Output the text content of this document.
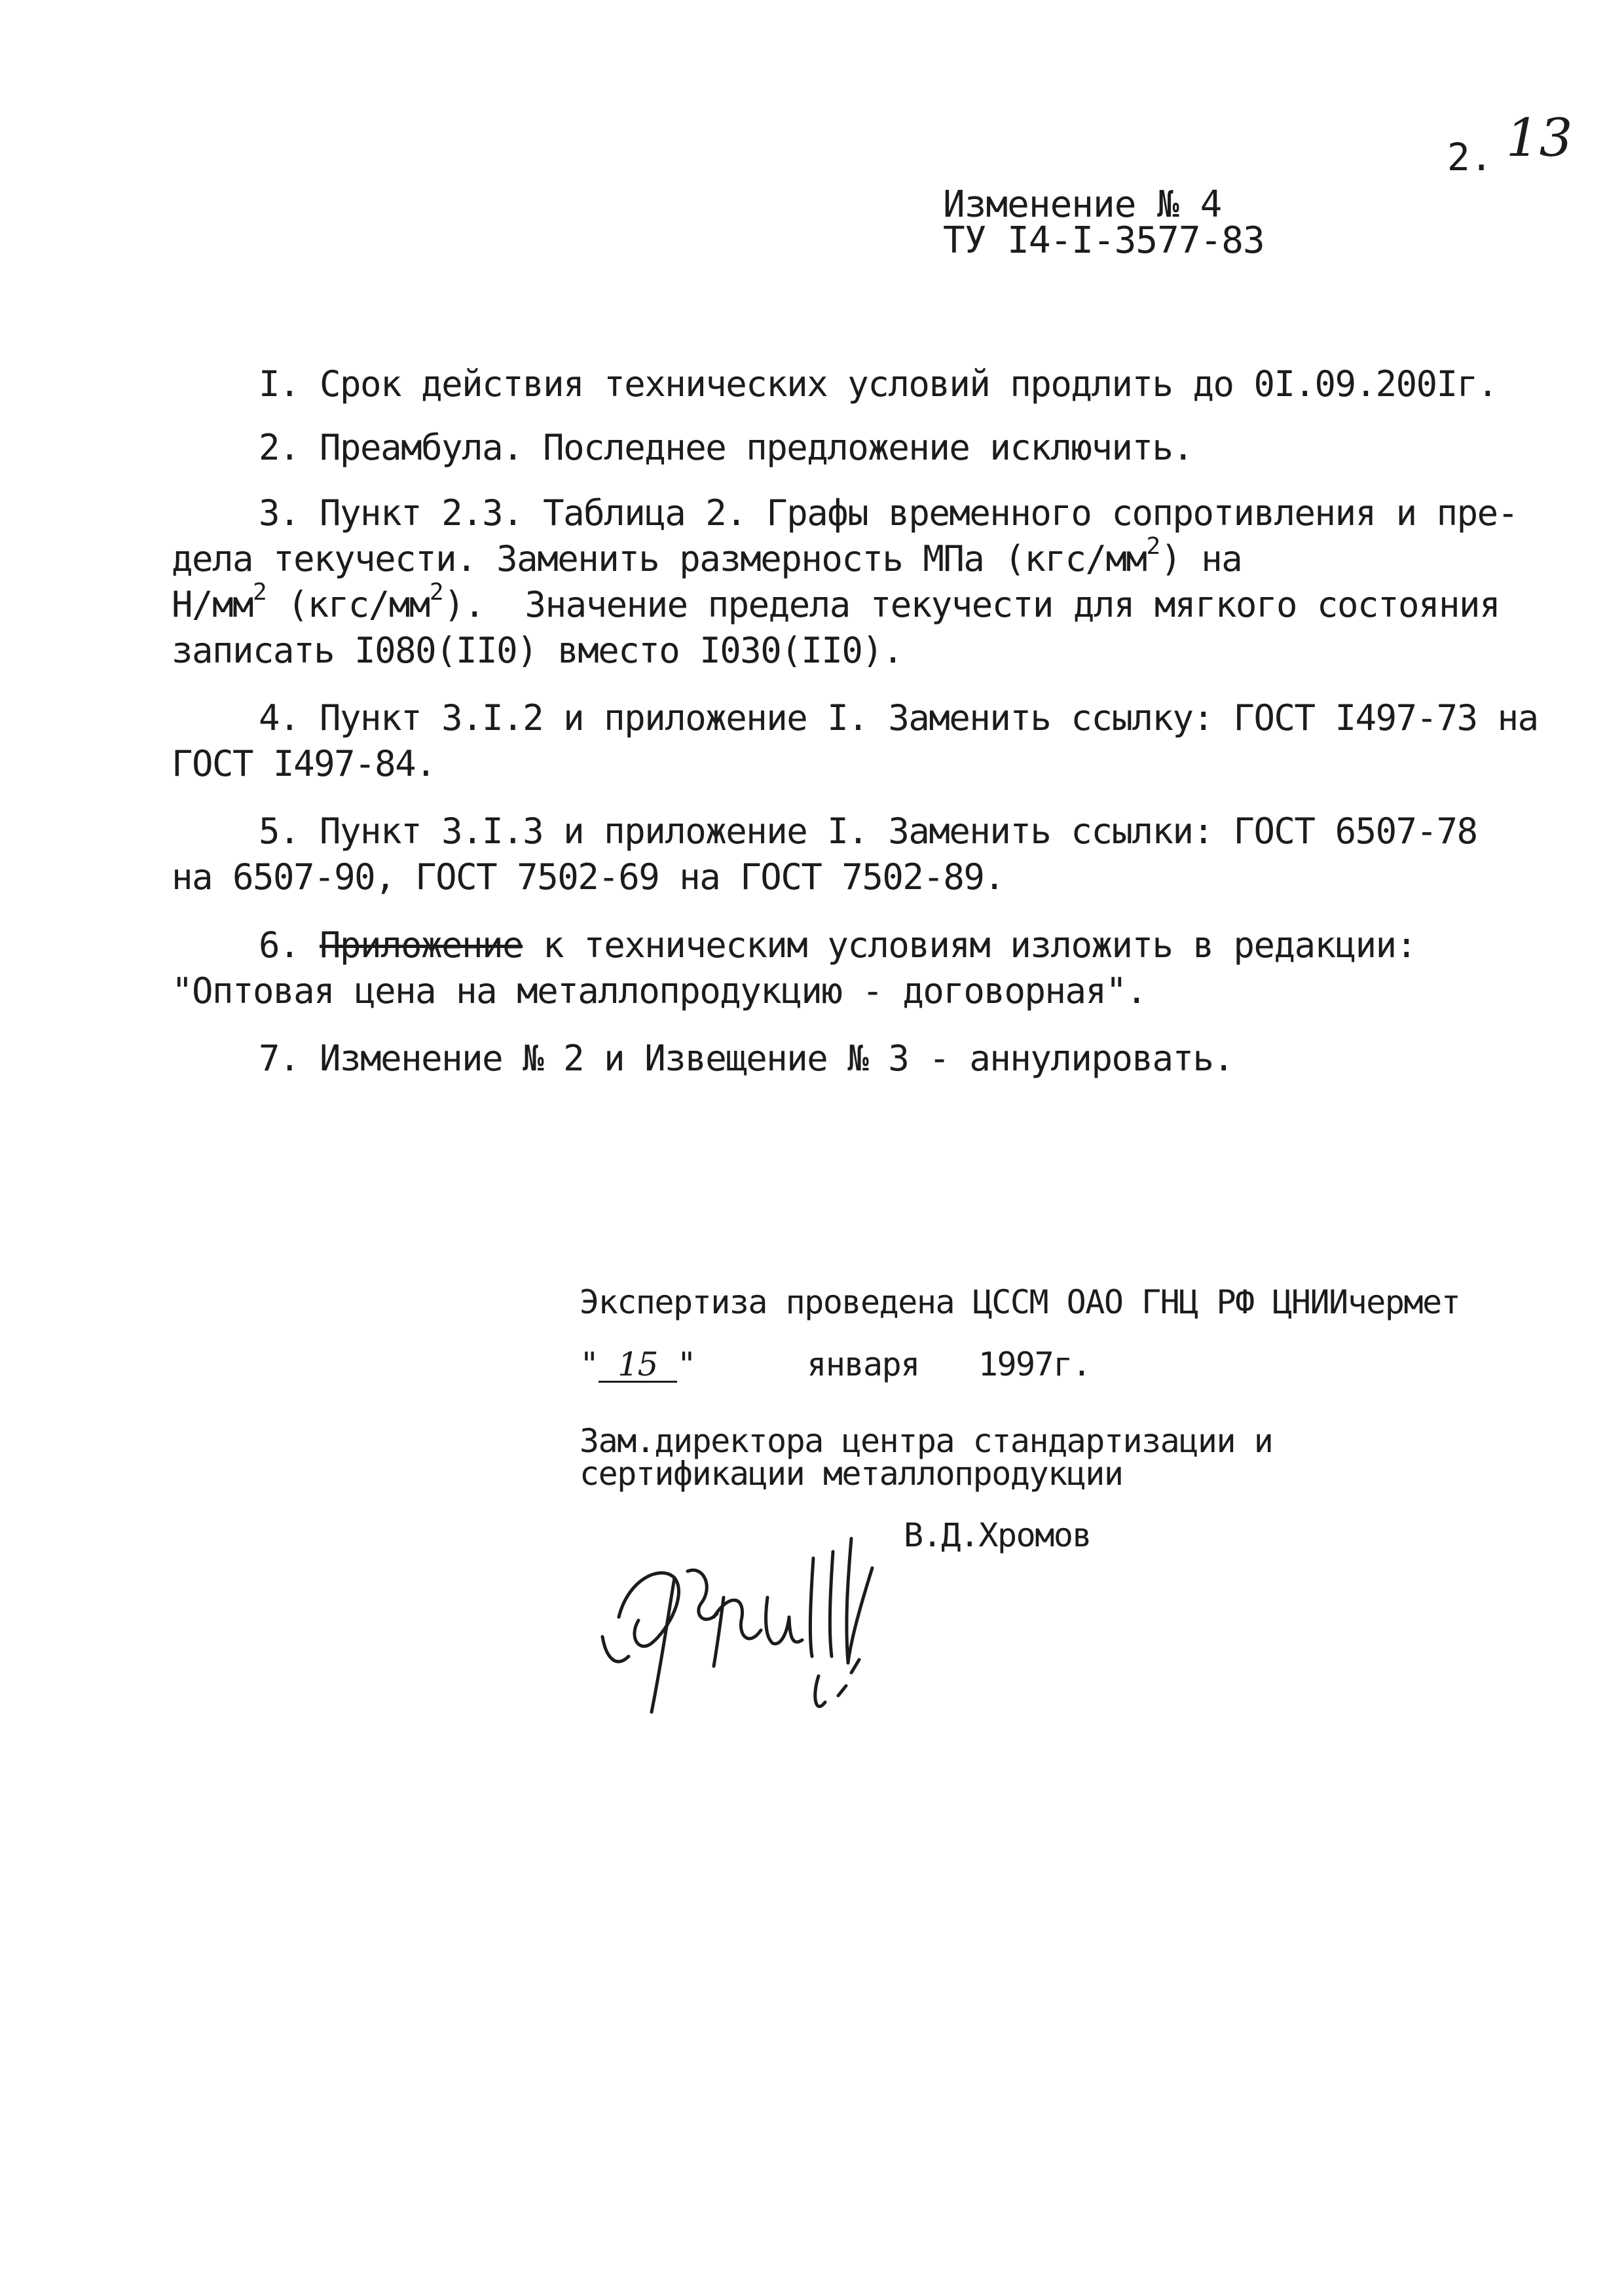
2. 13

Изменение № 4
ТУ I4-I-3577-83
I. Срок действия технических условий продлить до 0I.09.200Iг.
2. Преамбула. Последнее предложение исключить.
3. Пункт 2.3. Таблица 2. Графы временного сопротивления и пре-
дела текучести. Заменить размерность МПа $(кгс/мм^2)$ на
$Н/мм^2$ $(кгс/мм^2)$.  Значение предела текучести для мягкого состояния
записать I080(II0) вместо I030(II0).
4. Пункт 3.I.2 и приложение I. Заменить ссылку: ГОСТ I497-73 на
ГОСТ I497-84.
5. Пункт 3.I.3 и приложение I. Заменить ссылки: ГОСТ 6507-78
на 6507-90, ГОСТ 7502-69 на ГОСТ 7502-89.
6. Приложение к техническим условиям изложить в редакции:
"Оптовая цена на металлопродукцию - договорная".
7. Изменение № 2 и Извещение № 3 - аннулировать.
Экспертиза проведена ЦССМ ОАО ГНЦ РФ ЦНИИчермет
" 15 "	января 1997г.
Зам.директора центра стандартизации и
сертификации металлопродукции
В.Д.Хромов
